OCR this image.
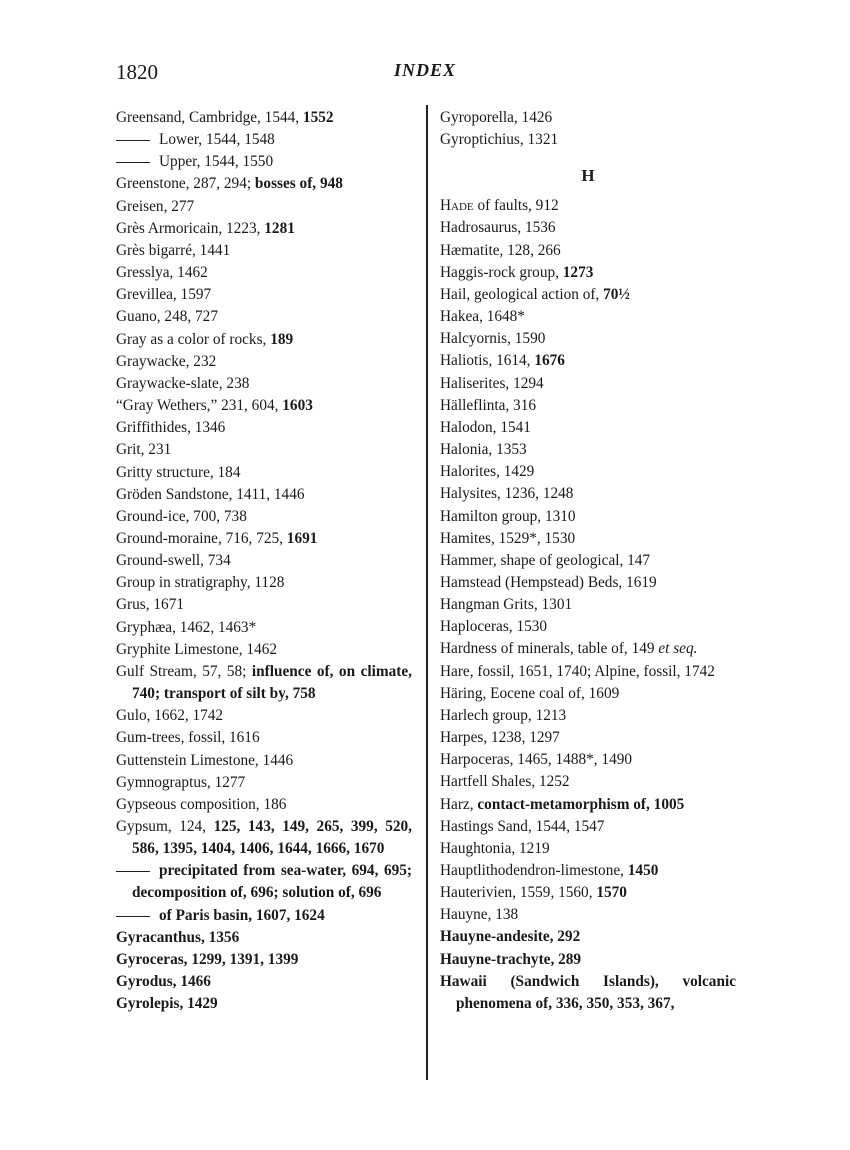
1820	INDEX
Greensand, Cambridge, 1544, 1552
Lower, 1544, 1548
Upper, 1544, 1550
Greenstone, 287, 294; bosses of, 948
Greisen, 277
Grès Armoricain, 1223, 1281
Grès bigarré, 1441
Gresslya, 1462
Grevillea, 1597
Guano, 248, 727
Gray as a color of rocks, 189
Graywacke, 232
Graywacke-slate, 238
“Gray Wethers,” 231, 604, 1603
Griffithides, 1346
Grit, 231
Gritty structure, 184
Gröden Sandstone, 1411, 1446
Ground-ice, 700, 738
Ground-moraine, 716, 725, 1691
Ground-swell, 734
Group in stratigraphy, 1128
Grus, 1671
Gryphæa, 1462, 1463*
Gryphite Limestone, 1462
Gulf Stream, 57, 58; influence of, on climate, 740; transport of silt by, 758
Gulo, 1662, 1742
Gum-trees, fossil, 1616
Guttenstein Limestone, 1446
Gymnograptus, 1277
Gypseous composition, 186
Gypsum, 124, 125, 143, 149, 265, 399, 520, 586, 1395, 1404, 1406, 1644, 1666, 1670
precipitated from sea-water, 694, 695; decomposition of, 696; solution of, 696
of Paris basin, 1607, 1624
Gyracanthus, 1356
Gyroceras, 1299, 1391, 1399
Gyrodus, 1466
Gyrolepis, 1429
Gyroporella, 1426
Gyroptichius, 1321
H
Hade of faults, 912
Hadrosaurus, 1536
Hæmatite, 128, 266
Haggis-rock group, 1273
Hail, geological action of, 70½
Hakea, 1648*
Halcyornis, 1590
Haliotis, 1614, 1676
Haliserites, 1294
Hälleflinta, 316
Halodon, 1541
Halonia, 1353
Halorites, 1429
Halysites, 1236, 1248
Hamilton group, 1310
Hamites, 1529*, 1530
Hammer, shape of geological, 147
Hamstead (Hempstead) Beds, 1619
Hangman Grits, 1301
Haploceras, 1530
Hardness of minerals, table of, 149 et seq.
Hare, fossil, 1651, 1740; Alpine, fossil, 1742
Häring, Eocene coal of, 1609
Harlech group, 1213
Harpes, 1238, 1297
Harpoceras, 1465, 1488*, 1490
Hartfell Shales, 1252
Harz, contact-metamorphism of, 1005
Hastings Sand, 1544, 1547
Haughtonia, 1219
Hauptlithodendron-limestone, 1450
Hauterivien, 1559, 1560, 1570
Hauyne, 138
Hauyne-andesite, 292
Hauyne-trachyte, 289
Hawaii (Sandwich Islands), volcanic phenomena of, 336, 350, 353, 367,
